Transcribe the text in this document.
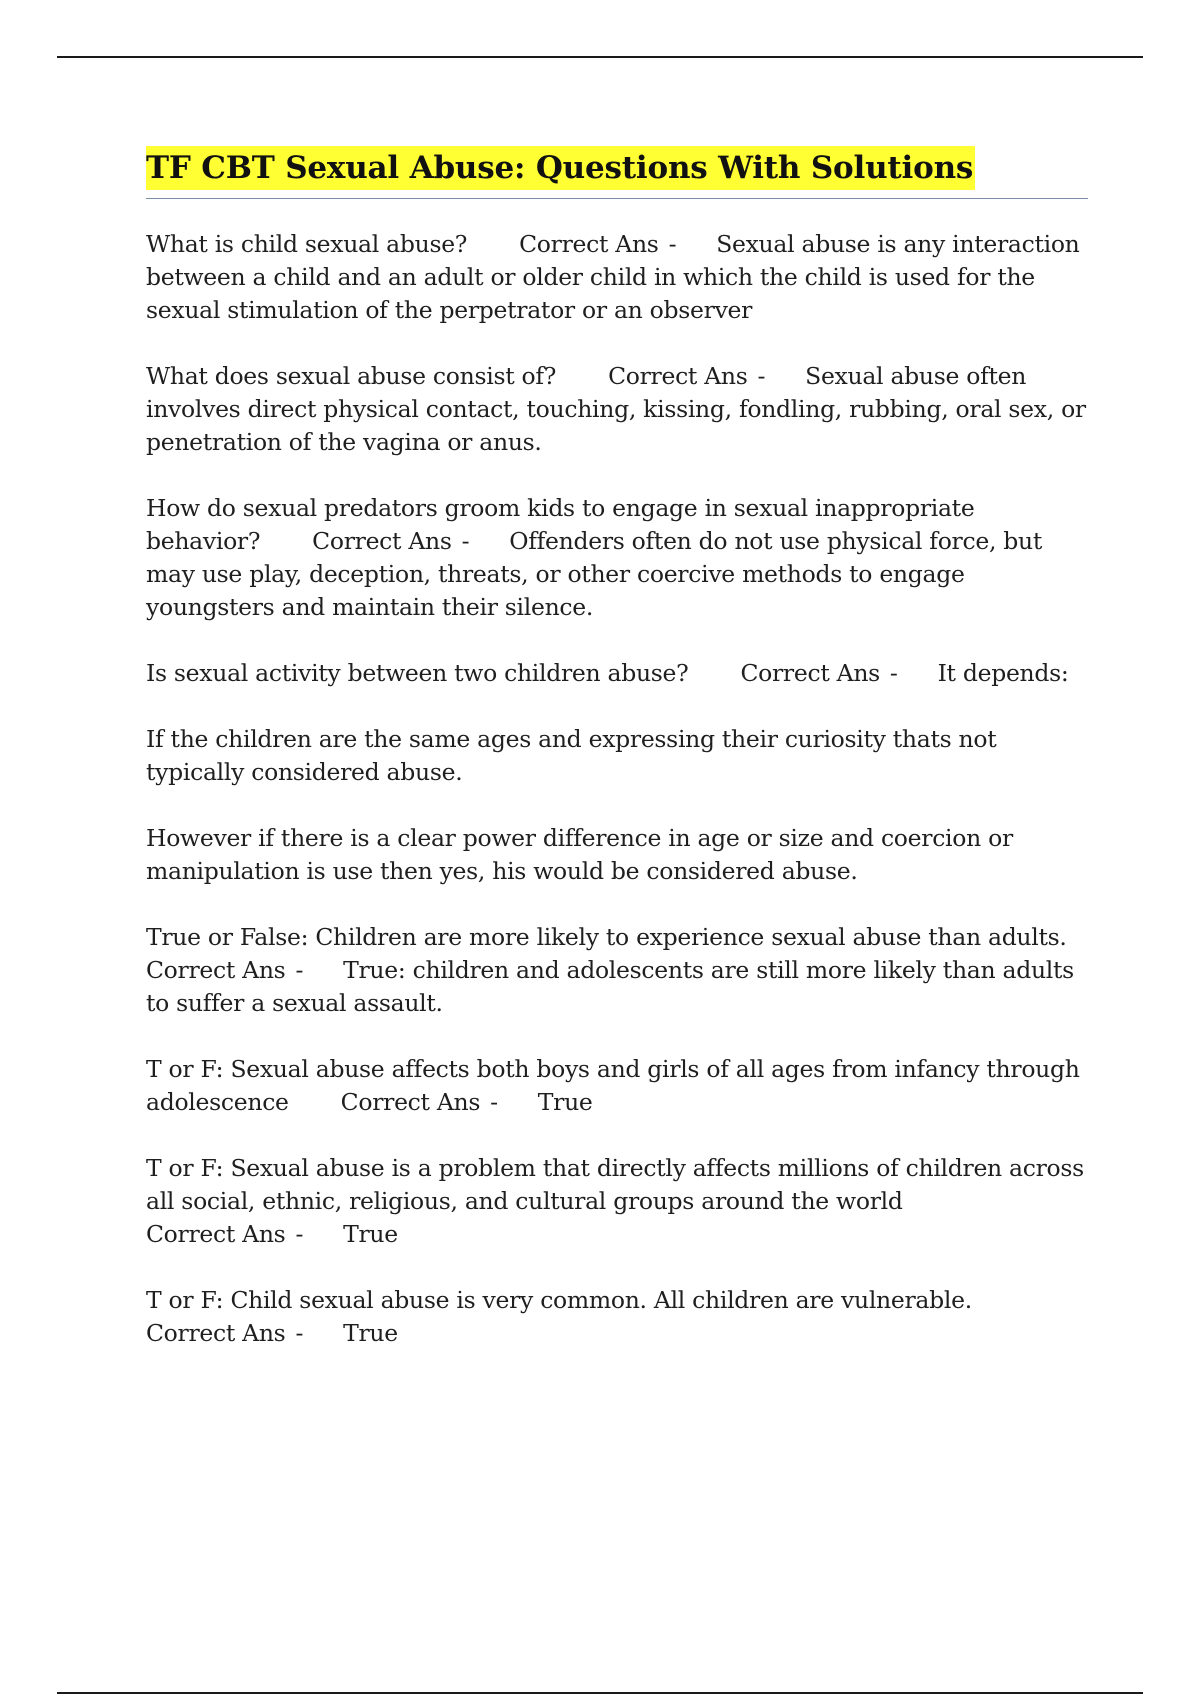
TF CBT Sexual Abuse: Questions With Solutions

What is child sexual abuse? Correct Ans - Sexual abuse is any interaction between a child and an adult or older child in which the child is used for the sexual stimulation of the perpetrator or an observer

What does sexual abuse consist of? Correct Ans - Sexual abuse often involves direct physical contact, touching, kissing, fondling, rubbing, oral sex, or penetration of the vagina or anus.

How do sexual predators groom kids to engage in sexual inappropriate behavior? Correct Ans - Offenders often do not use physical force, but may use play, deception, threats, or other coercive methods to engage youngsters and maintain their silence.

Is sexual activity between two children abuse? Correct Ans - It depends:

If the children are the same ages and expressing their curiosity thats not typically considered abuse.

However if there is a clear power difference in age or size and coercion or manipulation is use then yes, his would be considered abuse.

True or False: Children are more likely to experience sexual abuse than adults.
Correct Ans - True: children and adolescents are still more likely than adults to suffer a sexual assault.

T or F: Sexual abuse affects both boys and girls of all ages from infancy through adolescence Correct Ans - True

T or F: Sexual abuse is a problem that directly affects millions of children across all social, ethnic, religious, and cultural groups around the world
Correct Ans - True

T or F: Child sexual abuse is very common. All children are vulnerable.
Correct Ans - True
